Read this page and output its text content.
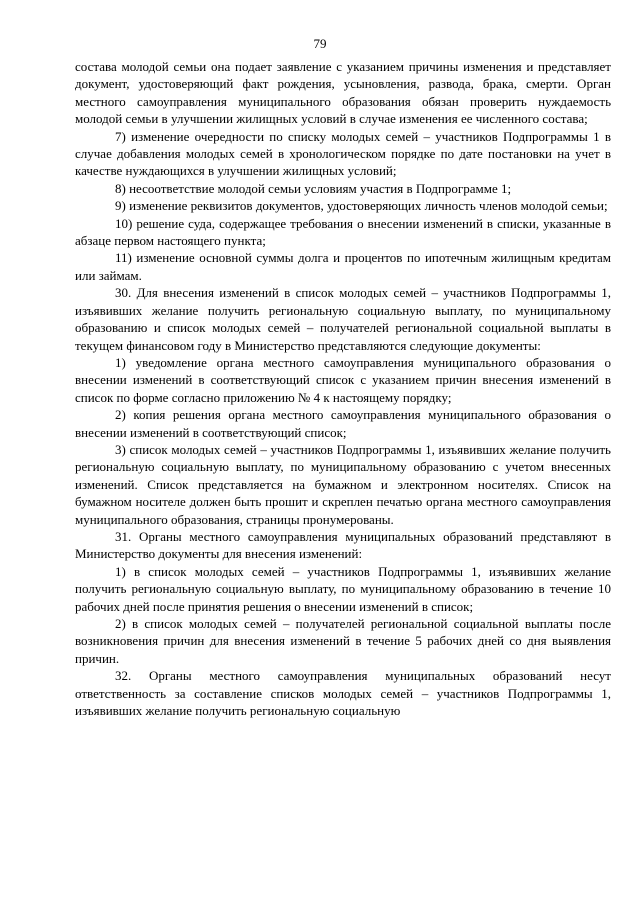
79

состава молодой семьи она подает заявление с указанием причины изменения и представляет документ, удостоверяющий факт рождения, усыновления, развода, брака, смерти. Орган местного самоуправления муниципального образования обязан проверить нуждаемость молодой семьи в улучшении жилищных условий в случае изменения ее численного состава;

7) изменение очередности по списку молодых семей – участников Подпрограммы 1 в случае добавления молодых семей в хронологическом порядке по дате постановки на учет в качестве нуждающихся в улучшении жилищных условий;

8) несоответствие молодой семьи условиям участия в Подпрограмме 1;

9) изменение реквизитов документов, удостоверяющих личность членов молодой семьи;

10) решение суда, содержащее требования о внесении изменений в списки, указанные в абзаце первом настоящего пункта;

11) изменение основной суммы долга и процентов по ипотечным жилищным кредитам или займам.

30. Для внесения изменений в список молодых семей – участников Подпрограммы 1, изъявивших желание получить региональную социальную выплату, по муниципальному образованию и список молодых семей – получателей региональной социальной выплаты в текущем финансовом году в Министерство представляются следующие документы:

1) уведомление органа местного самоуправления муниципального образования о внесении изменений в соответствующий список с указанием причин внесения изменений в список по форме согласно приложению № 4 к настоящему порядку;

2) копия решения органа местного самоуправления муниципального образования о внесении изменений в соответствующий список;

3) список молодых семей – участников Подпрограммы 1, изъявивших желание получить региональную социальную выплату, по муниципальному образованию с учетом внесенных изменений. Список представляется на бумажном и электронном носителях. Список на бумажном носителе должен быть прошит и скреплен печатью органа местного самоуправления муниципального образования, страницы пронумерованы.

31. Органы местного самоуправления муниципальных образований представляют в Министерство документы для внесения изменений:

1) в список молодых семей – участников Подпрограммы 1, изъявивших желание получить региональную социальную выплату, по муниципальному образованию в течение 10 рабочих дней после принятия решения о внесении изменений в список;

2) в список молодых семей – получателей региональной социальной выплаты после возникновения причин для внесения изменений в течение 5 рабочих дней со дня выявления причин.

32. Органы местного самоуправления муниципальных образований несут ответственность за составление списков молодых семей – участников Подпрограммы 1, изъявивших желание получить региональную социальную
